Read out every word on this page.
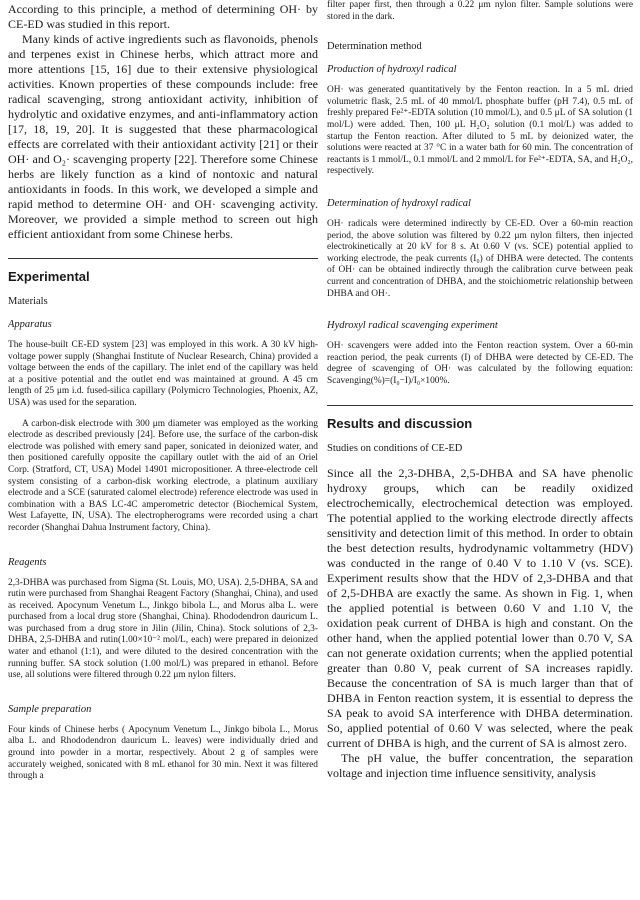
According to this principle, a method of determining OH· by CE-ED was studied in this report.

Many kinds of active ingredients such as flavonoids, phenols and terpenes exist in Chinese herbs, which attract more and more attentions [15, 16] due to their extensive physiological activities. Known properties of these compounds include: free radical scavenging, strong antioxidant activity, inhibition of hydrolytic and oxidative enzymes, and anti-inflammatory action [17, 18, 19, 20]. It is suggested that these pharmacological effects are correlated with their antioxidant activity [21] or their OH· and O₂· scavenging property [22]. Therefore some Chinese herbs are likely function as a kind of nontoxic and natural antioxidants in foods. In this work, we developed a simple and rapid method to determine OH· and OH· scavenging activity. Moreover, we provided a simple method to screen out high efficient antioxidant from some Chinese herbs.

Experimental
Materials
Apparatus

The house-built CE-ED system [23] was employed in this work. A 30 kV high-voltage power supply (Shanghai Institute of Nuclear Research, China) provided a voltage between the ends of the capillary. The inlet end of the capillary was held at a positive potential and the outlet end was maintained at ground. A 45 cm length of 25 μm i.d. fused-silica capillary (Polymicro Technologies, Phoenix, AZ, USA) was used for the separation.

A carbon-disk electrode with 300 μm diameter was employed as the working electrode as described previously [24]. Before use, the surface of the carbon-disk electrode was polished with emery sand paper, sonicated in deionized water, and then positioned carefully opposite the capillary outlet with the aid of an Oriel Corp. (Stratford, CT, USA) Model 14901 micropositioner. A three-electrode cell system consisting of a carbon-disk working electrode, a platinum auxiliary electrode and a SCE (saturated calomel electrode) reference electrode was used in combination with a BAS LC-4C amperometric detector (Biochemical System, West Lafayette, IN, USA). The electropherograms were recorded using a chart recorder (Shanghai Dahua Instrument factory, China).

Reagents

2,3-DHBA was purchased from Sigma (St. Louis, MO, USA). 2,5-DHBA, SA and rutin were purchased from Shanghai Reagent Factory (Shanghai, China), and used as received. Apocynum Venetum L., Jinkgo bibola L., and Morus alba L. were purchased from a local drug store (Shanghai, China). Rhododendron dauricum L. was purchased from a drug store in Jilin (Jilin, China). Stock solutions of 2,3-DHBA, 2,5-DHBA and rutin(1.00×10⁻² mol/L, each) were prepared in deionized water and ethanol (1:1), and were diluted to the desired concentration with the running buffer. SA stock solution (1.00 mol/L) was prepared in ethanol. Before use, all solutions were filtered through 0.22 μm nylon filters.

Sample preparation

Four kinds of Chinese herbs ( Apocynum Venetum L., Jinkgo bibola L., Morus alba L. and Rhododendron dauricum L. leaves) were individually dried and ground into powder in a mortar, respectively. About 2 g of samples were accurately weighed, sonicated with 8 mL ethanol for 30 min. Next it was filtered through a

filter paper first, then through a 0.22 μm nylon filter. Sample solutions were stored in the dark.

Determination method
Production of hydroxyl radical

OH· was generated quantitatively by the Fenton reaction. In a 5 mL dried volumetric flask, 2.5 mL of 40 mmol/L phosphate buffer (pH 7.4), 0.5 mL of freshly prepared Fe²⁺-EDTA solution (10 mmol/L), and 0.5 μL of SA solution (1 mol/L) were added. Then, 100 μL H₂O₂ solution (0.1 mol/L) was added to startup the Fenton reaction. After diluted to 5 mL by deionized water, the solutions were reacted at 37 °C in a water bath for 60 min. The concentration of reactants is 1 mmol/L, 0.1 mmol/L and 2 mmol/L for Fe²⁺-EDTA, SA, and H₂O₂, respectively.

Determination of hydroxyl radical

OH· radicals were determined indirectly by CE-ED. Over a 60-min reaction period, the above solution was filtered by 0.22 μm nylon filters, then injected electrokinetically at 20 kV for 8 s. At 0.60 V (vs. SCE) potential applied to working electrode, the peak currents (I₀) of DHBA were detected. The contents of OH· can be obtained indirectly through the calibration curve between peak current and concentration of DHBA, and the stoichiometric relationship between DHBA and OH·.

Hydroxyl radical scavenging experiment

OH· scavengers were added into the Fenton reaction system. Over a 60-min reaction period, the peak currents (I) of DHBA were detected by CE-ED. The degree of scavenging of OH· was calculated by the following equation: Scavenging(%)=(I₀−I)/I₀×100%.

Results and discussion
Studies on conditions of CE-ED

Since all the 2,3-DHBA, 2,5-DHBA and SA have phenolic hydroxy groups, which can be readily oxidized electrochemically, electrochemical detection was employed. The potential applied to the working electrode directly affects sensitivity and detection limit of this method. In order to obtain the best detection results, hydrodynamic voltammetry (HDV) was conducted in the range of 0.40 V to 1.10 V (vs. SCE). Experiment results show that the HDV of 2,3-DHBA and that of 2,5-DHBA are exactly the same. As shown in Fig. 1, when the applied potential is between 0.60 V and 1.10 V, the oxidation peak current of DHBA is high and constant. On the other hand, when the applied potential lower than 0.70 V, SA can not generate oxidation currents; when the applied potential greater than 0.80 V, peak current of SA increases rapidly. Because the concentration of SA is much larger than that of DHBA in Fenton reaction system, it is essential to depress the SA peak to avoid SA interference with DHBA determination. So, applied potential of 0.60 V was selected, where the peak current of DHBA is high, and the current of SA is almost zero.

The pH value, the buffer concentration, the separation voltage and injection time influence sensitivity, analysis
